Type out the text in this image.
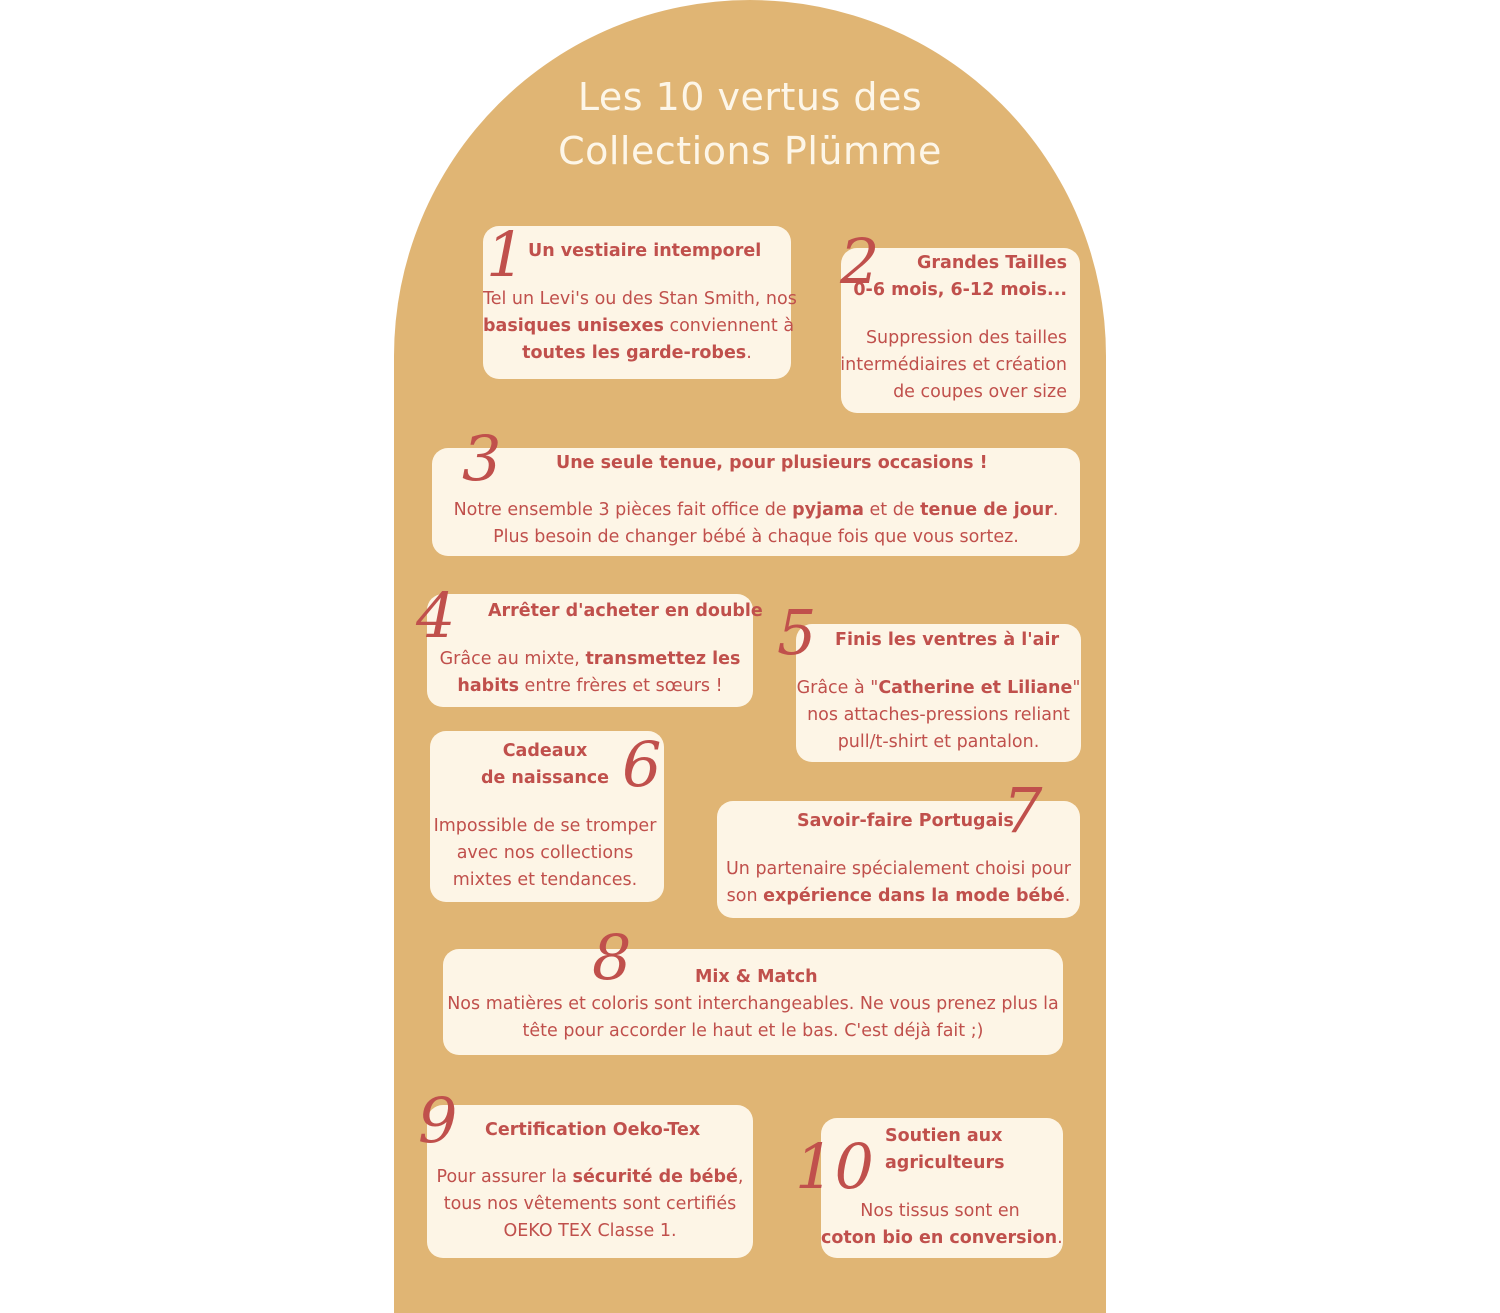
Les 10 vertus des
Collections Plümme
Un vestiaire intemporel
Tel un Levi's ou des Stan Smith, nos
basiques unisexes conviennent à
toutes les garde-robes.
1	Grandes Tailles
0-6 mois, 6-12 mois...
Suppression des tailles
intermédiaires et création
de coupes over size
2
Une seule tenue, pour plusieurs occasions !
Notre ensemble 3 pièces fait office de pyjama et de tenue de jour.
Plus besoin de changer bébé à chaque fois que vous sortez.
3
Arrêter d'acheter en double
Grâce au mixte, transmettez les
habits entre frères et sœurs !
4	Finis les ventres à l'air
Grâce à "Catherine et Liliane"
nos attaches-pressions reliant
pull/t-shirt et pantalon.
5
Cadeaux
de naissance
Impossible de se tromper
avec nos collections
mixtes et tendances.
6
Savoir-faire Portugais
Un partenaire spécialement choisi pour
son expérience dans la mode bébé.
7
Mix & Match
Nos matières et coloris sont interchangeables. Ne vous prenez plus la
tête pour accorder le haut et le bas. C'est déjà fait ;)
8
Certification Oeko-Tex
Pour assurer la sécurité de bébé,
tous nos vêtements sont certifiés
OEKO TEX Classe 1.
9	Soutien aux
agriculteurs
Nos tissus sont en
coton bio en conversion.
10
